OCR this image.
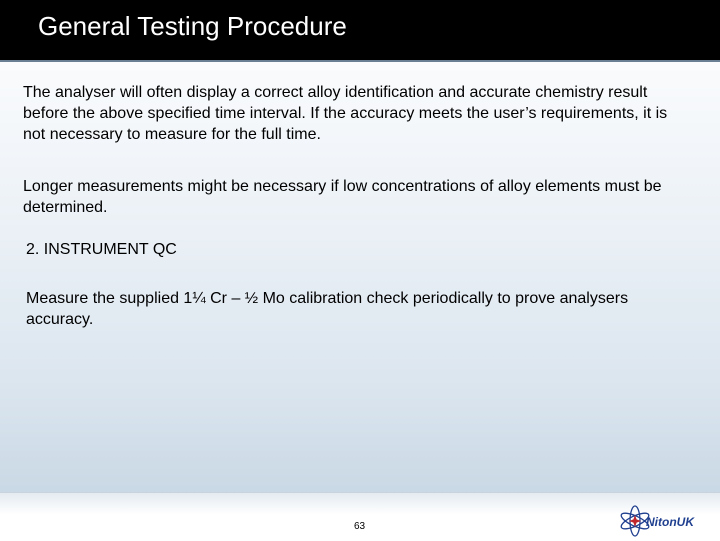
General Testing Procedure

The analyser will often display a correct alloy identification and accurate chemistry result before the above specified time interval. If the accuracy meets the user’s requirements, it is not necessary to measure for the full time.

Longer measurements might be necessary if low concentrations of alloy elements must be determined.

2. INSTRUMENT QC

Measure the supplied 1¼ Cr – ½ Mo calibration check periodically to prove analysers accuracy.

63	NitonUK
